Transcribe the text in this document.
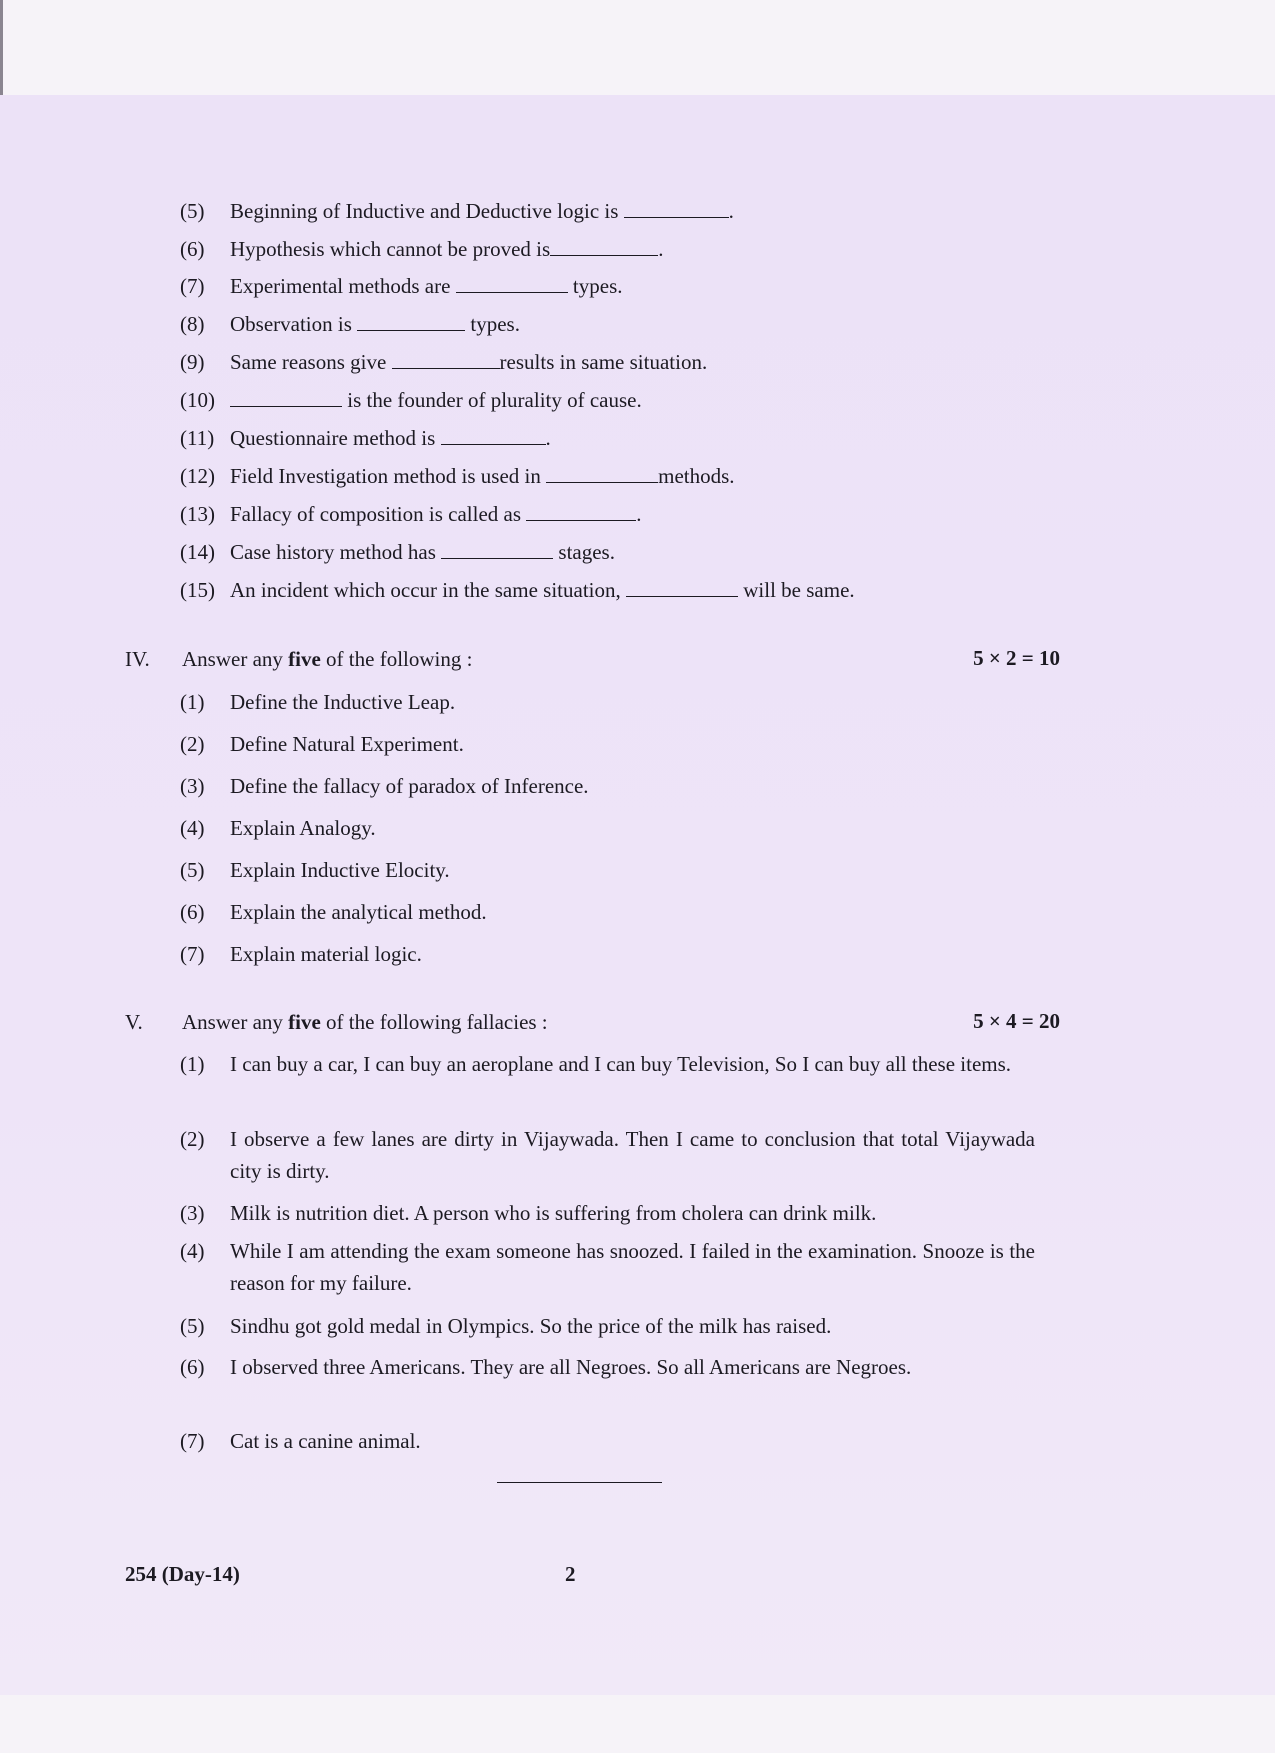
(5) Beginning of Inductive and Deductive logic is	.
(6) Hypothesis which cannot be proved is	.
(7) Experimental methods are	types.
(8) Observation is	types.
(9) Same reasons give	results in same situation.
(10)	is the founder of plurality of cause.
(11) Questionnaire method is	.
(12) Field Investigation method is used in	methods.
(13) Fallacy of composition is called as	.
(14) Case history method has	stages.
(15) An incident which occur in the same situation,	will be same.
IV. Answer any five of the following :	5 × 2 = 10
(1) Define the Inductive Leap.
(2) Define Natural Experiment.
(3) Define the fallacy of paradox of Inference.
(4) Explain Analogy.
(5) Explain Inductive Elocity.
(6) Explain the analytical method.
(7) Explain material logic.
V. Answer any five of the following fallacies :	5 × 4 = 20
(1) I can buy a car, I can buy an aeroplane and I can buy Television, So I can buy all these items.
(2) I observe a few lanes are dirty in Vijaywada. Then I came to conclusion that total Vijaywada city is dirty.
(3) Milk is nutrition diet. A person who is suffering from cholera can drink milk.
(4) While I am attending the exam someone has snoozed. I failed in the examination. Snooze is the reason for my failure.
(5) Sindhu got gold medal in Olympics. So the price of the milk has raised.
(6) I observed three Americans. They are all Negroes. So all Americans are Negroes.
(7) Cat is a canine animal.
254 (Day-14)	2
